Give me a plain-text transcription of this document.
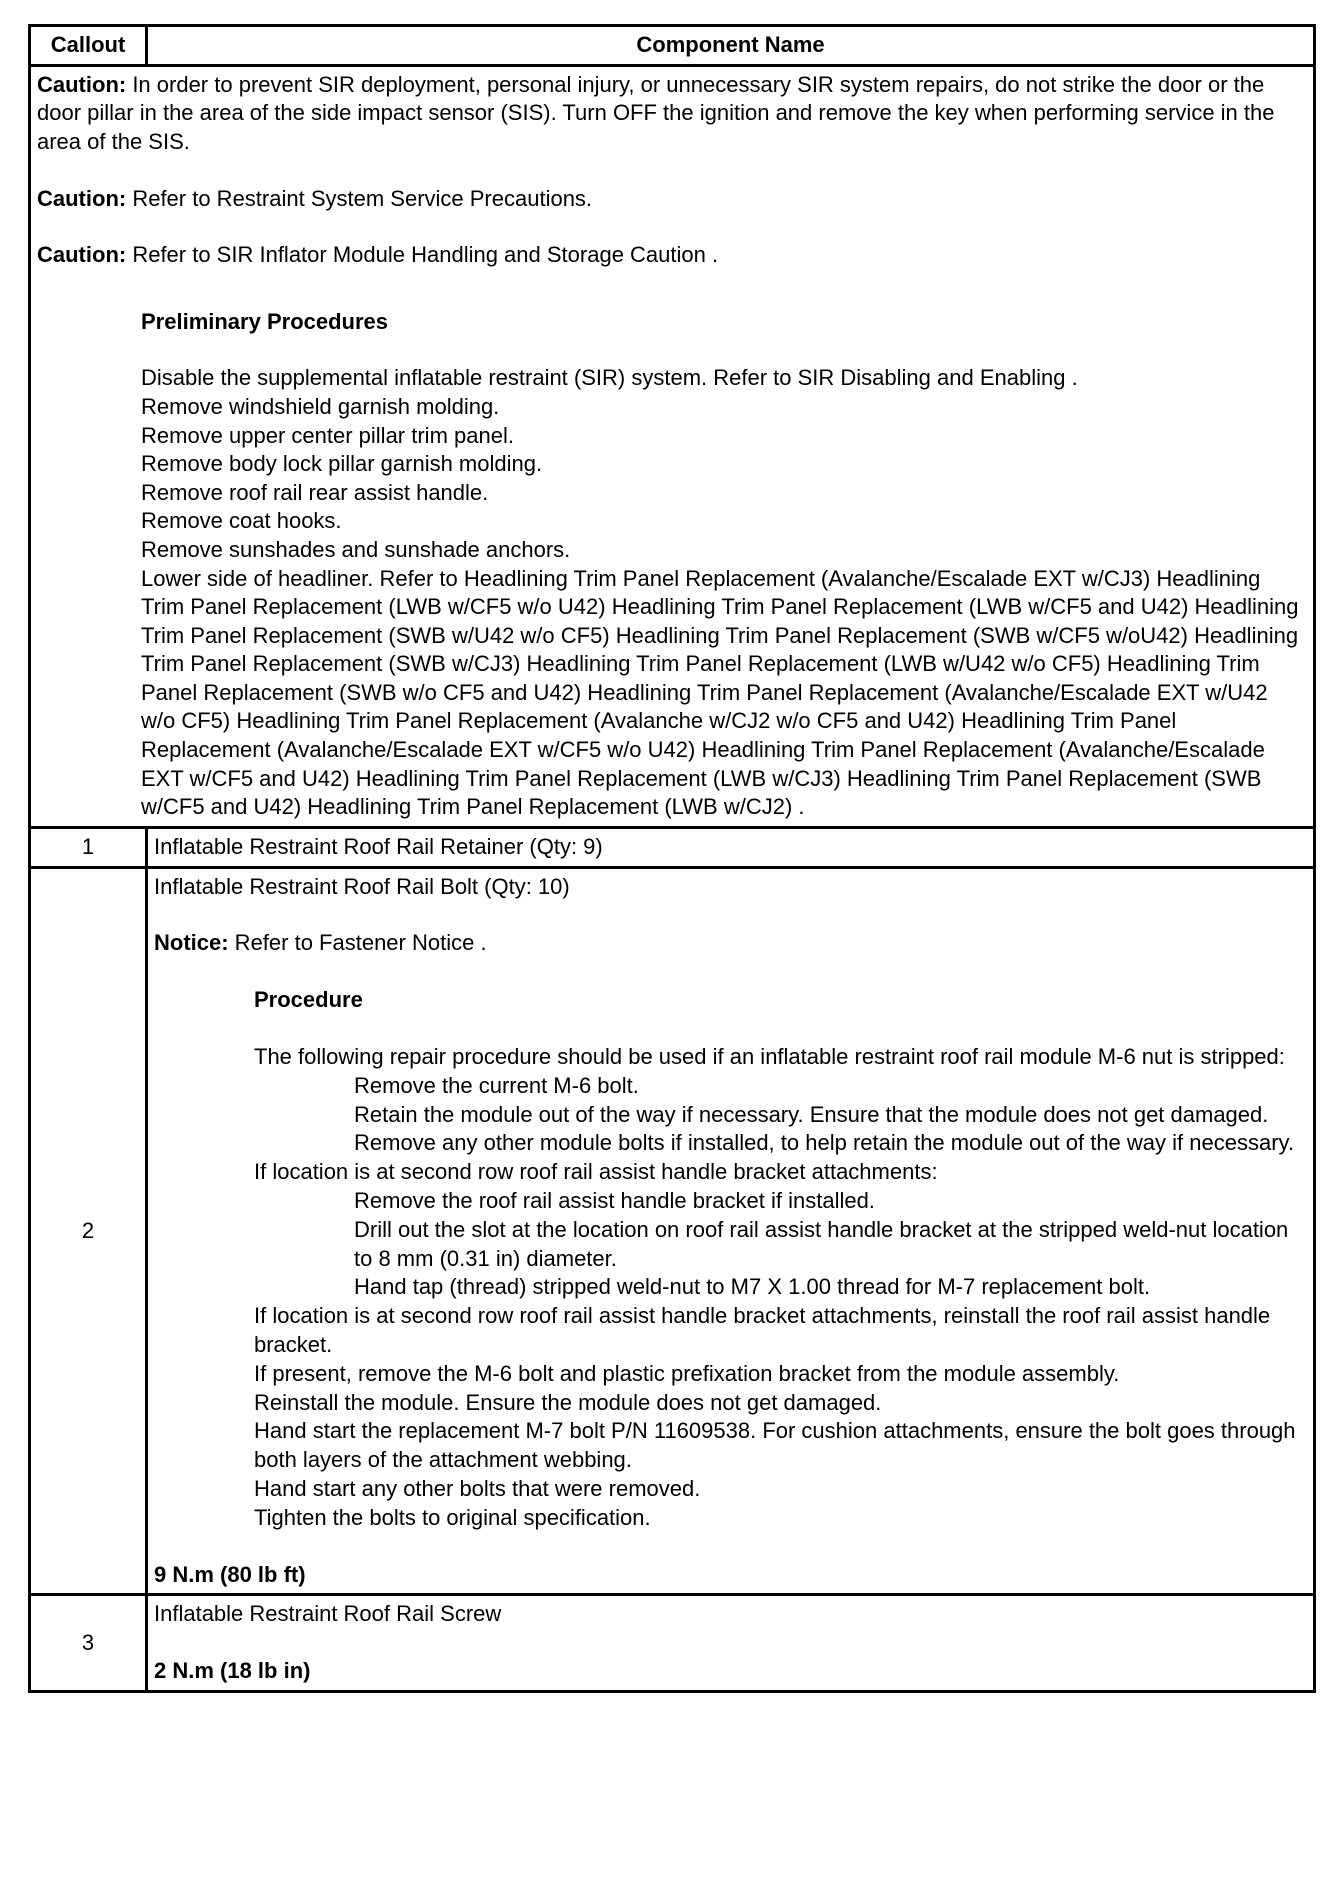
Callout	Component Name

Caution: In order to prevent SIR deployment, personal injury, or unnecessary SIR system repairs, do not strike the door or the door pillar in the area of the side impact sensor (SIS). Turn OFF the ignition and remove the key when performing service in the area of the SIS.

Caution: Refer to Restraint System Service Precautions.

Caution: Refer to SIR Inflator Module Handling and Storage Caution .

Preliminary Procedures

Disable the supplemental inflatable restraint (SIR) system. Refer to SIR Disabling and Enabling .

Remove windshield garnish molding.

Remove upper center pillar trim panel.

Remove body lock pillar garnish molding.

Remove roof rail rear assist handle.

Remove coat hooks.

Remove sunshades and sunshade anchors.

Lower side of headliner. Refer to Headlining Trim Panel Replacement (Avalanche/Escalade EXT w/CJ3) Headlining Trim Panel Replacement (LWB w/CF5 w/o U42) Headlining Trim Panel Replacement (LWB w/CF5 and U42) Headlining Trim Panel Replacement (SWB w/U42 w/o CF5) Headlining Trim Panel Replacement (SWB w/CF5 w/oU42) Headlining Trim Panel Replacement (SWB w/CJ3) Headlining Trim Panel Replacement (LWB w/U42 w/o CF5) Headlining Trim Panel Replacement (SWB w/o CF5 and U42) Headlining Trim Panel Replacement (Avalanche/Escalade EXT w/U42 w/o CF5) Headlining Trim Panel Replacement (Avalanche w/CJ2 w/o CF5 and U42) Headlining Trim Panel Replacement (Avalanche/Escalade EXT w/CF5 w/o U42) Headlining Trim Panel Replacement (Avalanche/Escalade EXT w/CF5 and U42) Headlining Trim Panel Replacement (LWB w/CJ3) Headlining Trim Panel Replacement (SWB w/CF5 and U42) Headlining Trim Panel Replacement (LWB w/CJ2) .

1	Inflatable Restraint Roof Rail Retainer (Qty: 9)

2

Inflatable Restraint Roof Rail Bolt (Qty: 10)

Notice: Refer to Fastener Notice .

Procedure

The following repair procedure should be used if an inflatable restraint roof rail module M-6 nut is stripped:

Remove the current M-6 bolt.

Retain the module out of the way if necessary. Ensure that the module does not get damaged. Remove any other module bolts if installed, to help retain the module out of the way if necessary.

If location is at second row roof rail assist handle bracket attachments:

Remove the roof rail assist handle bracket if installed.

Drill out the slot at the location on roof rail assist handle bracket at the stripped weld-nut location to 8 mm (0.31 in) diameter.

Hand tap (thread) stripped weld-nut to M7 X 1.00 thread for M-7 replacement bolt.

If location is at second row roof rail assist handle bracket attachments, reinstall the roof rail assist handle bracket.

If present, remove the M-6 bolt and plastic prefixation bracket from the module assembly.

Reinstall the module. Ensure the module does not get damaged.

Hand start the replacement M-7 bolt P/N 11609538. For cushion attachments, ensure the bolt goes through both layers of the attachment webbing.

Hand start any other bolts that were removed.

Tighten the bolts to original specification.

9 N.m (80 lb ft)

3

Inflatable Restraint Roof Rail Screw

2 N.m (18 lb in)
